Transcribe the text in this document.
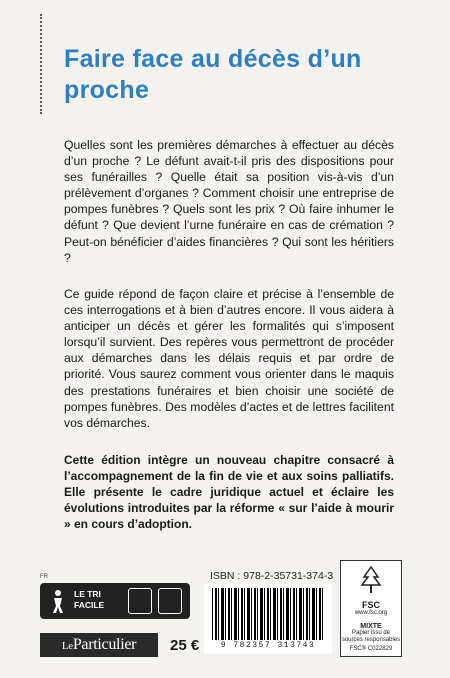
Faire face au décès d’un proche

Quelles sont les premières démarches à effectuer au décès d’un proche ? Le défunt avait-t-il pris des dispositions pour ses funérailles ? Quelle était sa position vis-à-vis d’un prélèvement d’organes ? Comment choisir une entreprise de pompes funèbres ? Quels sont les prix ? Où faire inhumer le défunt ? Que devient l’urne funéraire en cas de crémation ? Peut-on bénéficier d’aides financières ? Qui sont les héritiers ?

Ce guide répond de façon claire et précise à l’ensemble de ces interrogations et à bien d’autres encore. Il vous aidera à anticiper un décès et gérer les formalités qui s’imposent lorsqu’il survient. Des repères vous permettront de procéder aux démarches dans les délais requis et par ordre de priorité. Vous saurez comment vous orienter dans le maquis des prestations funéraires et bien choisir une société de pompes funèbres. Des modèles d’actes et de lettres facilitent vos démarches.

Cette édition intègre un nouveau chapitre consacré à l’accompagnement de la fin de vie et aux soins palliatifs. Elle présente le cadre juridique actuel et éclaire les évolutions introduites par la réforme « sur l’aide à mourir » en cours d’adoption.

FR
LE TRI
FACILE
LeParticulier	25 €
ISBN : 978-2-35731-374-3
9 782357 313743
FSC
www.fsc.org
MIXTE
Papier issu de sources responsables
FSC® C022829
